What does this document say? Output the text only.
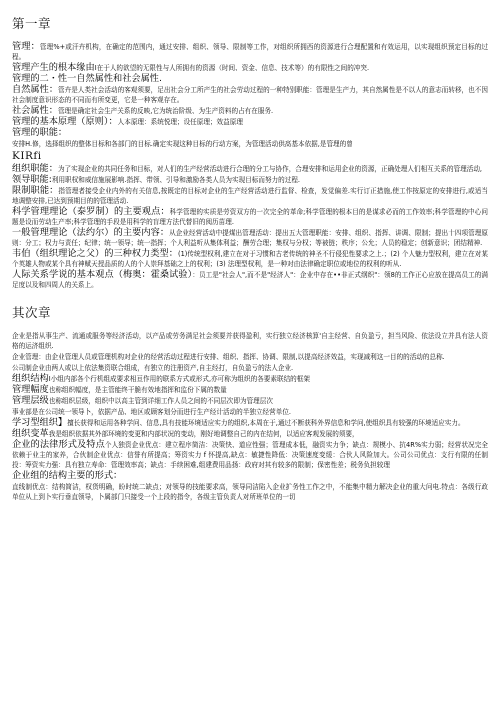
第一章

管理：管理%+或汗卉机构，在确定的范围内，通过安排、组织、领导、限制等工作，对组织所拥西的资源进行合理配置和有效运用，以实现组织预定目标的过程。

管理产生的根本缘由I在于人的欲望的无限性与人所拥有的资源（时间、资金、信息、技术等）的有限性之间的冲突.

管理的二・性一自然属性和社会属性.

自然属性：管卉是人类社会活动的客观须要，足出社会分工所产生的社会劳动过程的一种特别职能：管理是生产力，其自然属性是不以人的意志而转移，也不因社会制度意识形态的不同而有所变更，它是一种客观存在。

社会属性：管理是确定社会生产关系的反映,它为统治阶级、为生产资料的占有在服务.

管理的基本原理（原则）：人本原理：系统悦理；设任原理；效益原理

管理的职能：

安排H.修，选择组织的整体目标和各部门的目标.确定实现这种目标的行动方案，为管理活动供髙基本依据,是管理的曾

KIRfi

组织职能：为了实现企业的共同任务和目标，对人们的生产经营活动进行合理的分工与协作，合理安排和运用企业的资源，正确处理人们相互关系的管理活动,

领导职能:利用职权和威信施展影响.指挥、带领、引导和激励各类人员为实现目标而努力的过程.

限制职能：指管理者接受企业内外的有关信息,按既定的目标对企业的生产经营活动进行监督、检查，发觉偏差.实行订正措施,使工作按原定的安排进行,或适当地调整安排,已达到预期目的的管理活动.

科学管理理论（泰罗制）的主要观点：科学管理的实质是劳资双方的一次完全的革命;科学管理的根本目的是谋求必而的工作效率;科学管理的中心问题是设而劳动生产率;科学管理的手段是用科学的盲理方法代替旧的阅历苗理.

一般管理理论（法约尔）的主要内容：从企业经营活动中提煤出管理活动：提出五大管理职能：安排、组织、指挥、讲调、限制；提出十四项管理原则：分工；权力与责任；纪律；统一领导；统一指挥；个人利益听从集体利益；酬劳合理；集权与分权；等被链；秩序；公允；人员的稳定；创新意识；团结精神.

韦伯（组织理论之父）的三种权力类型：(1)传统型权利,建立在对于习惯和古老传统的神圣不行侵犯性要求之上.；(2) 个人魅力型权利，建立在对某个英雄人物或某个具有神赋天授品质的人的个人崇拜基础之上的权利；(3) 法理型权利，是一种对由法律确定职位或地位的权利的听从.

人际关系学说的基本观点（梅奥：霍桑试验）：员工是"社会人",而不是"经济人"：企业中存在••非正式纲织"：领8的工作正心应放在提高员工的满足度以及和四周人的关系上。

其次章

企业是指从事生产、流通或服务等经济活动，以产品或劳务满足社会须要并获得盈利，实行独立经济核算'自主经营、自负盈亏，担当风险、依法设立并具有法人资格的运济组织.

企业管理：由企业管理人员或管理机构对企业的经营活动过程进行安排、组织、指挥、协调、限制,以提高经济效益，实现减利这一目的的活动的总称.

公司制企业由两人或以上依法集资联合组成，有独立的注册资产,自主经打，自负盈亏的法人企业.

组织结构I小组内部各个行机组成要求相亘作用的联系方式或形式,亦可称为组织的各要素联结的框架

管理幅度也称组织幅度，是主管能终干脆有效地指挥和监份下属的数量

管理层级也称组织层级，组织中以高主管到详细工作人员之间的不同层次即为管理层次

事业部是在公司统一领导卜，依据产品、地区或顾客划分而进行生产经计活动的半独立经营单位.

学习型组织】擅长获得和运用各种学问、信息,具有技能环境适应实力的组织,本周在于,通过不断获科外界信息和学问,使组织具有较强的环境适应实力。

组织变革我是组织依据其外部环境的变更和内部状况的变动，刚好地调整自己的内在结何，以适应客观发展的须要，

企业的法律形式及特点个人独资企业优点：建立程序简洁：决策快、道应性强；管理成本低，融资实力争；缺点：规模小、抗4R%实力弱；经营状况完全依赖于业主的家养，合伙制企业优点：信誉有所提高；筹资实力 f 怀提高,缺点：敏捷性降低：决策速度变缓：合伙人风险加大。公司公司优点：支行有限的任制投：筹资实力强：具有独立寿命：管理效率高；缺点：手续困难,组建费用品扬：政府对其有较多的限制；保密性差；税务负担较理

企业组的结构主要的形式：

直线制优点：结构简洁，权货明确，盼时统二缺点；对领导的技能要求高，领导同洁陷入企业扩务性工作之中，不能集中精力解决企业的重大问电.特点：各级行政单位从上到卜实行垂直领导，卜属部门只接受一个上段的指令，各级主管负责人对所班单位的一切
